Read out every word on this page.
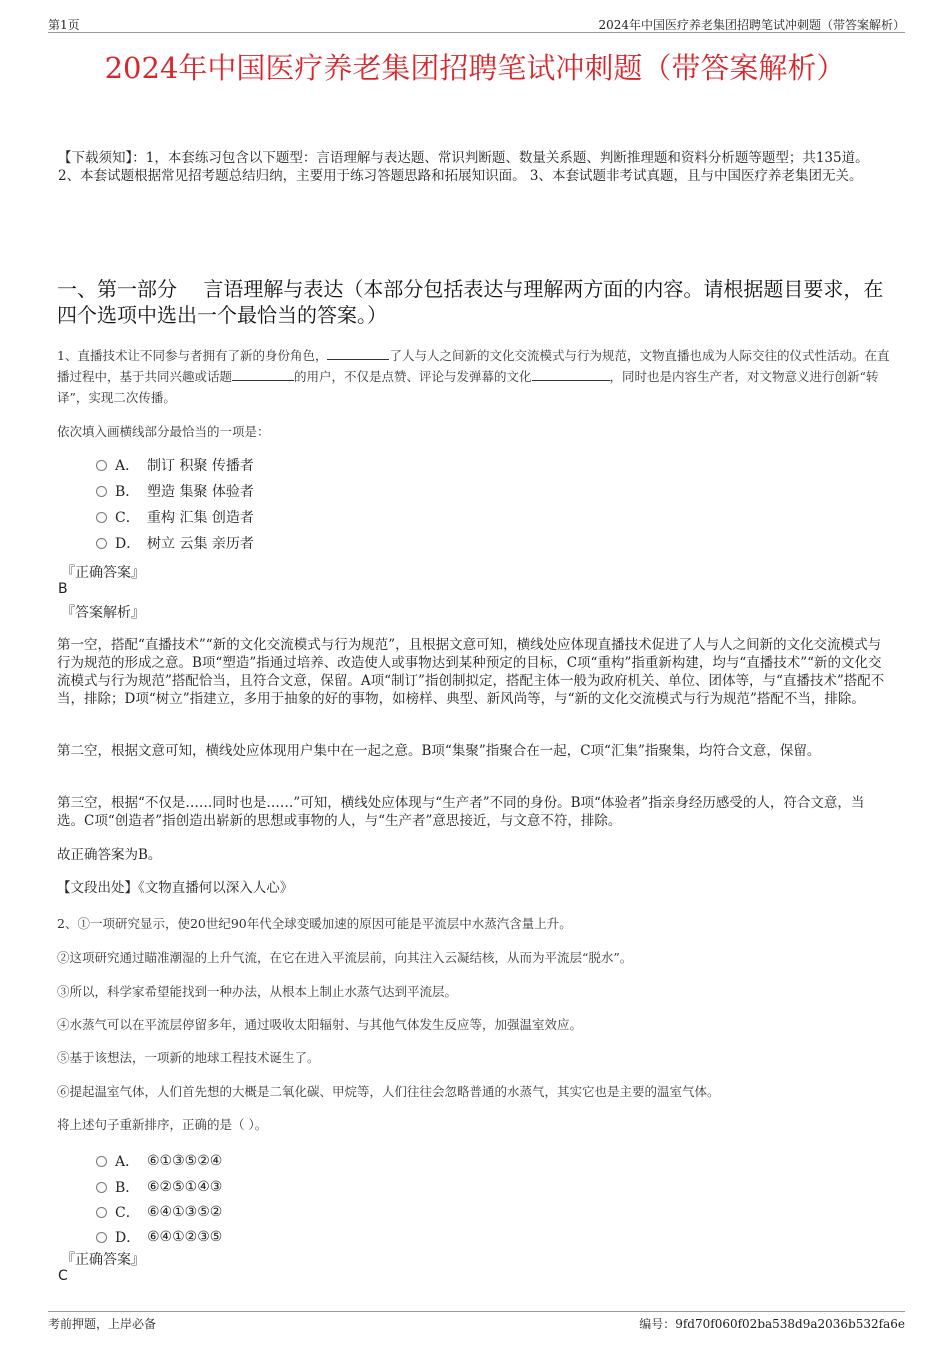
第1页	2024年中国医疗养老集团招聘笔试冲刺题（带答案解析）
2024年中国医疗养老集团招聘笔试冲刺题（带答案解析）
【下载须知】：1，本套练习包含以下题型：言语理解与表达题、常识判断题、数量关系题、判断推理题和资料分析题等题型；共135道。 2、本套试题根据常见招考题总结归纳，主要用于练习答题思路和拓展知识面。 3、本套试题非考试真题，且与中国医疗养老集团无关。
一、第一部分　 言语理解与表达（本部分包括表达与理解两方面的内容。请根据题目要求，在四个选项中选出一个最恰当的答案。）
1、直播技术让不同参与者拥有了新的身份角色，	了人与人之间新的文化交流模式与行为规范，文物直播也成为人际交往的仪式性活动。在直播过程中，基于共同兴趣或话题	的用户，不仅是点赞、评论与发弹幕的文化	，同时也是内容生产者，对文物意义进行创新“转译”，实现二次传播。
依次填入画横线部分最恰当的一项是：
A． 制订 积聚 传播者
B． 塑造 集聚 体验者
C． 重构 汇集 创造者
D． 树立 云集 亲历者
『正确答案』
B
『答案解析』
第一空，搭配“直播技术”“新的文化交流模式与行为规范”，且根据文意可知，横线处应体现直播技术促进了人与人之间新的文化交流模式与行为规范的形成之意。B项“塑造”指通过培养、改造使人或事物达到某种预定的目标，C项“重构”指重新构建，均与“直播技术”“新的文化交流模式与行为规范”搭配恰当，且符合文意，保留。A项“制订”指创制拟定，搭配主体一般为政府机关、单位、团体等，与“直播技术”搭配不当，排除；D项“树立”指建立，多用于抽象的好的事物，如榜样、典型、新风尚等，与“新的文化交流模式与行为规范”搭配不当，排除。
第二空，根据文意可知，横线处应体现用户集中在一起之意。B项“集聚”指聚合在一起，C项“汇集”指聚集，均符合文意，保留。
第三空，根据“不仅是……同时也是……”可知，横线处应体现与“生产者”不同的身份。B项“体验者”指亲身经历感受的人，符合文意，当选。C项“创造者”指创造出崭新的思想或事物的人，与“生产者”意思接近，与文意不符，排除。
故正确答案为B。
【文段出处】《文物直播何以深入人心》
2、①一项研究显示，使20世纪90年代全球变暖加速的原因可能是平流层中水蒸汽含量上升。
②这项研究通过瞄准潮湿的上升气流，在它在进入平流层前，向其注入云凝结核，从而为平流层“脱水”。
③所以，科学家希望能找到一种办法，从根本上制止水蒸气达到平流层。
④水蒸气可以在平流层停留多年，通过吸收太阳辐射、与其他气体发生反应等，加强温室效应。
⑤基于该想法，一项新的地球工程技术诞生了。
⑥提起温室气体，人们首先想的大概是二氧化碳、甲烷等，人们往往会忽略普通的水蒸气，其实它也是主要的温室气体。
将上述句子重新排序，正确的是（ ）。
A． ⑥①③⑤②④
B． ⑥②⑤①④③
C． ⑥④①③⑤②
D． ⑥④①②③⑤
『正确答案』
C
考前押题，上岸必备	编号：9fd70f060f02ba538d9a2036b532fa6e
